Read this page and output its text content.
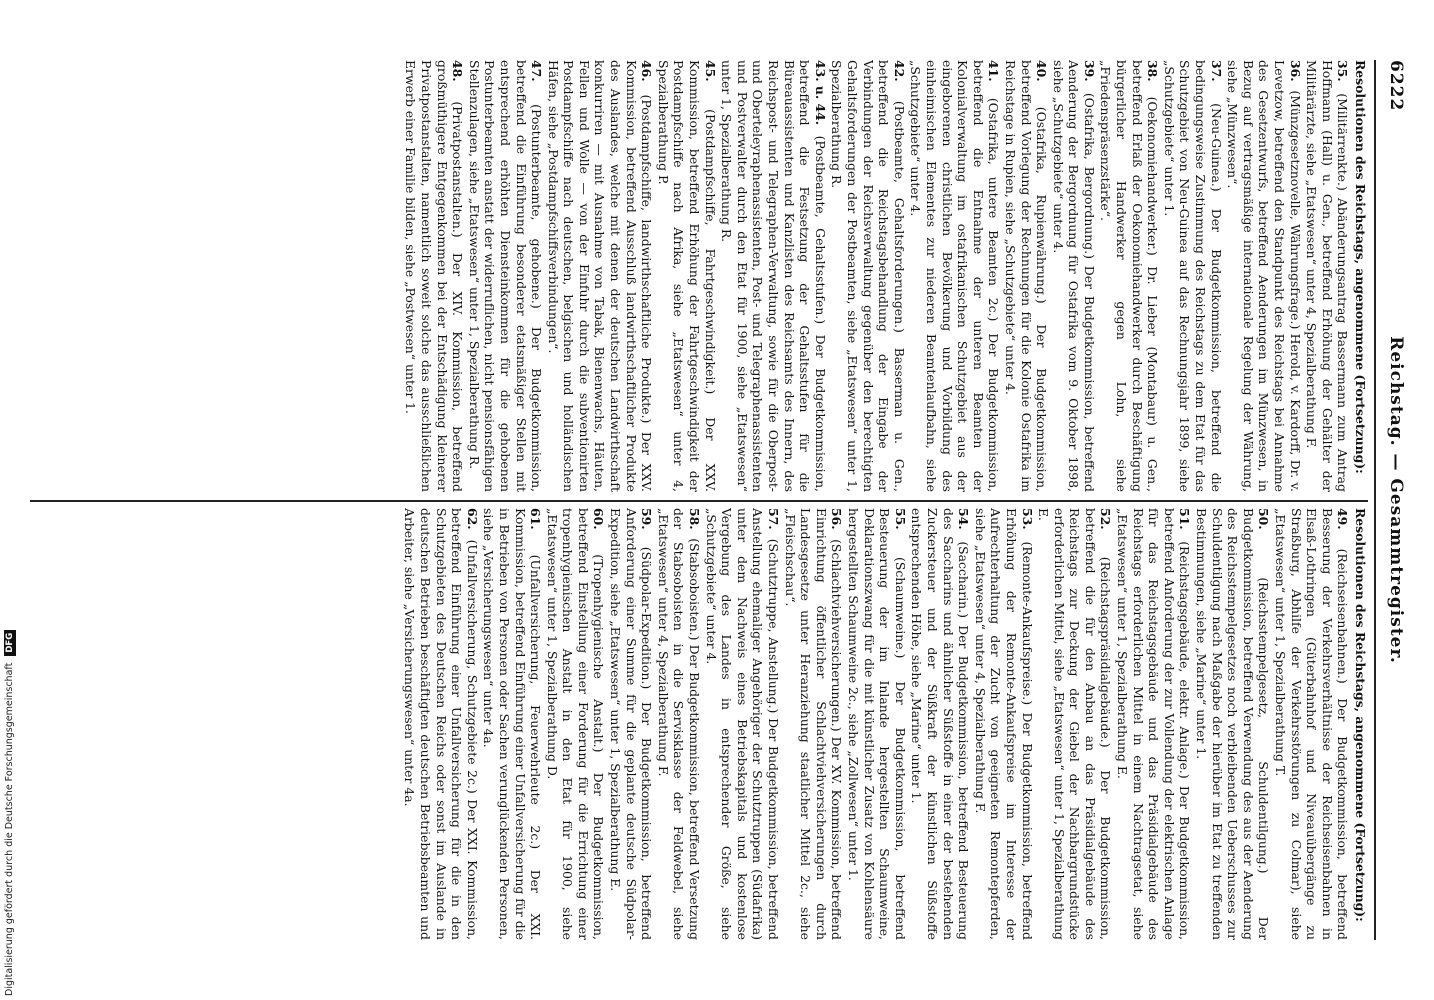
6222
Reichstag. — Gesammtregister.

Resolutionen des Reichstags, angenommene (Fortsetzung):

35. (Militärrenkte.) Abänderungsantrag Bassermann zum Antrag Hoffmann (Hall) u. Gen., betreffend Erhöhung der Gehälter der Militärärzte, siehe „Etatswesen“ unter 4, Spezialberathung F.

36. (Münzgesetznovelle, Währungsfrage.) Herold, v. Kardorff, Dr. v. Levetzow, betreffend den Standpunkt des Reichstags bei Annahme des Gesetzentwurfs, betreffend Aenderungen im Münzwesen, in Bezug auf vertragsmäßige internationale Regelung der Währung, siehe „Münzwesen“.

37. (Neu-Guinea.) Der Budgetkommission, betreffend die bedingungsweise Zustimmung des Reichstags zu dem Etat für das Schutzgebiet von Neu-Guinea auf das Rechnungsjahr 1899, siehe „Schutzgebiete“ unter 1.

38. (Oekonomiehandwerker.) Dr. Lieber (Montabaur) u. Gen., betreffend Erlaß der Oekonomiehandwerker durch Beschäftigung bürgerlicher Handwerker gegen Lohn, siehe „Friedenspräsenzstärke“.

39. (Ostafrika, Bergordnung.) Der Budgetkommission, betreffend Aenderung der Bergordnung für Ostafrika vom 9. Oktober 1898, siehe „Schutzgebiete“ unter 4.

40. (Ostafrika, Rupienwährung.) Der Budgetkommission, betreffend Vorlegung der Rechnungen für die Kolonie Ostafrika im Reichstage in Rupien, siehe „Schutzgebiete“ unter 4.

41. (Ostafrika, untere Beamten 2c.) Der Budgetkommission, betreffend die Entnahme der unteren Beamten der Kolonialverwaltung im ostafrikanischen Schutzgebiet aus der eingeborenen christlichen Bevölkerung und Vorbildung des einheimischen Elementes zur niederen Beamtenlaufbahn, siehe „Schutzgebiete“ unter 4.

42. (Postbeamte, Gehaltsforderungen.) Basserman u. Gen., betreffend die Reichstagsbehandlung der Eingabe der Verbindungen der Reichsverwaltung gegenüber den berechtigten Gehaltsforderungen der Postbeamten, siehe „Etatswesen“ unter 1, Spezialberathung R.

43. u. 44. (Postbeamte, Gehaltsstufen.) Der Budgetkommission, betreffend die Festsetzung der Gehaltsstufen für die Büreauassistenten und Kanzlisten des Reichsamts des Innern, des Reichspost- und Telegraphen-Verwaltung, sowie für die Oberpost- und Oberteleyraphenassistenten, Post- und Telegraphenassistenten und Postverwalter durch den Etat für 1900, siehe „Etatswesen“ unter 1, Spezialberathung R.

45. (Postdampfschiffe, Fahrtgeschwindigkeit.) Der XXV. Kommission, betreffend Erhöhung der Fahrtgeschwindigkeit der Postdampfschiffe nach Afrika, siehe „Etatswesen“ unter 4, Spezialberathung P.

46. (Postdampfschiffe, landwirthschaftliche Produkte.) Der XXV. Kommission, betreffend Ausschluß landwirthschaftlicher Produkte des Auslandes, welche mit denen der deutschen Landwirthschaft konkurriren — mit Ausnahme von Tabak, Bienenwachs, Häuten, Fellen und Wolle — von der Einfuhr durch die subventionirten Postdampfschiffe nach deutschen, belgischen und holländischen Häfen, siehe „Postdampfschiffsverbindungen“.

47. (Postunterbeamte, gehobene.) Der Budgetkommission, betreffend die Einführung besonderer etatsmäßiger Stellen mit entsprechend erhöhten Diensteinkommen für die gehobenen Postunterbeamten anstatt der widerruflichen, nicht pensionsfähigen Stellenzulagen, siehe „Etatswesen“ unter 1, Spezialberathung R.

48. (Privatpostanstalten.) Der XIV. Kommission, betreffend großmüthigere Entgegenkommen bei der Entschädigung kleinerer Privatpostanstalten, namentlich soweit solche das ausschließlichen Erwerb einer Familie bilden, siehe „Postwesen“ unter 1.

Resolutionen des Reichstags, angenommene (Fortsetzung):

49. (Reichseisenbahnen.) Der Budgetkommission, betreffend Besserung der Verkehrsverhältnisse der Reichseisenbahnen in Elsaß-Lothringen (Güterbahnhof und Niveauübergänge zu Straßburg, Abhilfe der Verkehrsstörungen zu Colmar), siehe „Etatswesen“ unter 1, Spezialberathung T.

50. (Reichsstempelgesetz, Schuldentilgung.) Der Budgetkommission, betreffend Verwendung des aus der Aenderung des Reichsstempelgesetzes noch verbleibenden Ueberschusses zur Schuldentilgung nach Maßgabe der hierüber im Etat zu treffenden Bestimmungen, siehe „Marine“ unter 1.

51. (Reichstagsgebäude, elektr. Anlage.) Der Budgetkommission, betreffend Anforderung der zur Vollendung der elektrischen Anlage für das Reichstagsgebäude und das Präsidialgebäude des Reichstags erforderlichen Mittel in einem Nachtragsetat, siehe „Etatswesen“ unter 1, Spezialberathung E.

52. (Reichstagspräsidialgebäude.) Der Budgetkommission, betreffend die für den Anbau an das Präsidialgebäude des Reichstags zur Deckung der Giebel der Nachbargrundstücke erforderlichen Mittel, siehe „Etatswesen“ unter 1, Spezialberathung E.

53. (Remonte-Ankaufspreise.) Der Budgetkommission, betreffend Erhöhung der Remonte-Ankaufspreise im Interesse der Aufrechterhaltung der Zucht von geeigneten Remontepferden, siehe „Etatswesen“ unter 4, Spezialberathung F.

54. (Saccharin.) Der Budgetkommission, betreffend Besteuerung des Saccharins und ähnlicher Süßstoffe in einer der bestehenden Zuckersteuer und der Süßkraft der künstlichen Süßstoffe entsprechenden Höhe, siehe „Marine“ unter 1.

55. (Schaumweine.) Der Budgetkommission, betreffend Besteuerung der im Inlande hergestellten Schaumweine, Deklarationszwang für die mit künstlicher Zusatz von Kohlensäure hergestellten Schaumweine 2c., siehe „Zollwesen“ unter 1.

56. (Schlachtviehversicherungen.) Der XV. Kommission, betreffend Einrichtung öffentlicher Schlachtviehversicherungen durch Landesgesetze unter Heranziehung staatlicher Mittel 2c., siehe „Fleischschau“.

57. (Schutztruppe, Anstellung.) Der Budgetkommission, betreffend Anstellung ehemaliger Angehöriger der Schutztruppen (Südafrika) unter dem Nachweis eines Betriebskapitals und kostenlose Vergebung des Landes in entsprechender Größe, siehe „Schutzgebiete“ unter 4.

58. (Stabsoboisten.) Der Budgetkommission, betreffend Versetzung der Stabsoboisten in die Servisklasse der Feldwebel, siehe „Etatswesen“ unter 4, Spezialberathung F.

59. (Südpolar-Expedition.) Der Budgetkommission, betreffend Anforderung einer Summe für die geplante deutsche Südpolar-Expedition, siehe „Etatswesen“ unter 1, Spezialberathung E.

60. (Tropenhygienische Anstalt.) Der Budgetkommission, betreffend Einstellung einer Forderung für die Errichtung einer tropenhygienischen Anstalt in den Etat für 1900, siehe „Etatswesen“ unter 1, Spezialberathung D.

61. (Unfallversicherung, Feuerwehrleute 2c.) Der XXI. Kommission, betreffend Einführung einer Unfallversicherung für die in Betrieben von Personen oder Sachen verunglückenden Personen, siehe „Versicherungswesen“ unter 4a.

62. (Unfallversicherung, Schutzgebiete 2c.) Der XXI. Kommission, betreffend Einführung einer Unfallversicherung für die in den Schutzgebieten des Deutschen Reichs oder sonst im Auslande in deutschen Betrieben beschäftigten deutschen Betriebsbeamten und Arbeiter, siehe „Versicherungswesen“ unter 4a.

Digitalisierung gefördert durch die Deutsche Forschungsgemeinschaft DFG
